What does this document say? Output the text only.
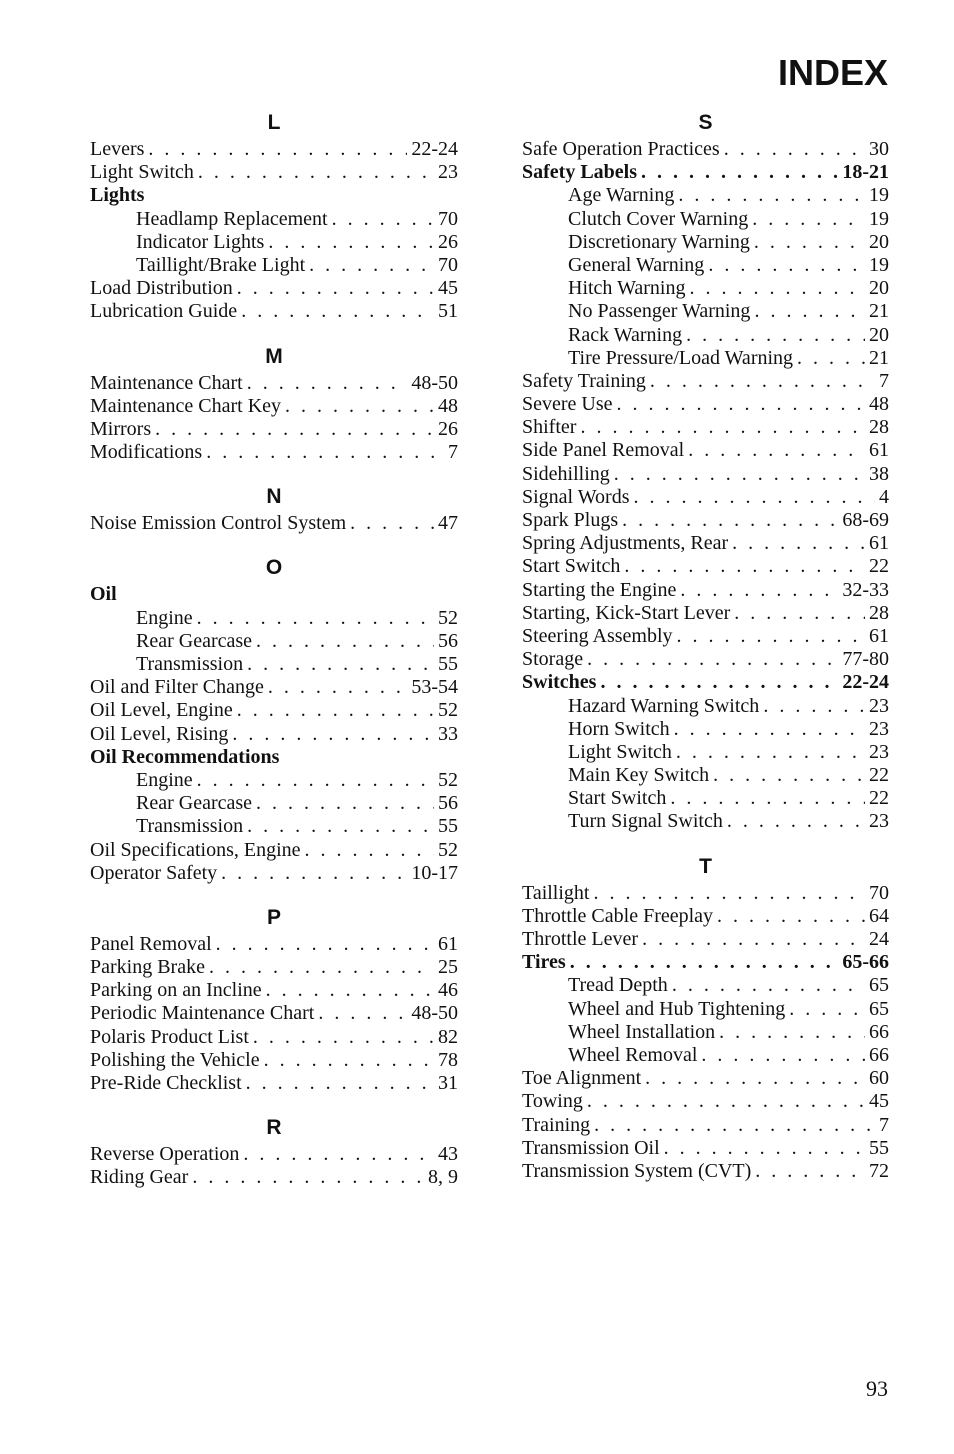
INDEX
L
Levers . . .	22-24
Light Switch . . .	23
Lights
Headlamp Replacement . . .	70
Indicator Lights . . .	26
Taillight/Brake Light . . .	70
Load Distribution . . .	45
Lubrication Guide . . .	51
M
Maintenance Chart . . .	48-50
Maintenance Chart Key . . .	48
Mirrors . . .	26
Modifications . . .	7
N
Noise Emission Control System . . .	47
O
Oil
Engine . . .	52
Rear Gearcase . . .	56
Transmission . . .	55
Oil and Filter Change . . .	53-54
Oil Level, Engine . . .	52
Oil Level, Rising . . .	33
Oil Recommendations
Engine . . .	52
Rear Gearcase . . .	56
Transmission . . .	55
Oil Specifications, Engine . . .	52
Operator Safety . . .	10-17
P
Panel Removal . . .	61
Parking Brake . . .	25
Parking on an Incline . . .	46
Periodic Maintenance Chart . . .	48-50
Polaris Product List . . .	82
Polishing the Vehicle . . .	78
Pre-Ride Checklist . . .	31
R
Reverse Operation . . .	43
Riding Gear . . .	8, 9
S
Safe Operation Practices . . .	30
Safety Labels . . .	18-21
Age Warning . . .	19
Clutch Cover Warning . . .	19
Discretionary Warning . . .	20
General Warning . . .	19
Hitch Warning . . .	20
No Passenger Warning . . .	21
Rack Warning . . .	20
Tire Pressure/Load Warning . . .	21
Safety Training . . .	7
Severe Use . . .	48
Shifter . . .	28
Side Panel Removal . . .	61
Sidehilling . . .	38
Signal Words . . .	4
Spark Plugs . . .	68-69
Spring Adjustments, Rear . . .	61
Start Switch . . .	22
Starting the Engine . . .	32-33
Starting, Kick-Start Lever . . .	28
Steering Assembly . . .	61
Storage . . .	77-80
Switches . . .	22-24
Hazard Warning Switch . . .	23
Horn Switch . . .	23
Light Switch . . .	23
Main Key Switch . . .	22
Start Switch . . .	22
Turn Signal Switch . . .	23
T
Taillight . . .	70
Throttle Cable Freeplay . . .	64
Throttle Lever . . .	24
Tires . . .	65-66
Tread Depth . . .	65
Wheel and Hub Tightening . . .	65
Wheel Installation . . .	66
Wheel Removal . . .	66
Toe Alignment . . .	60
Towing . . .	45
Training . . .	7
Transmission Oil . . .	55
Transmission System (CVT) . . .	72
93
